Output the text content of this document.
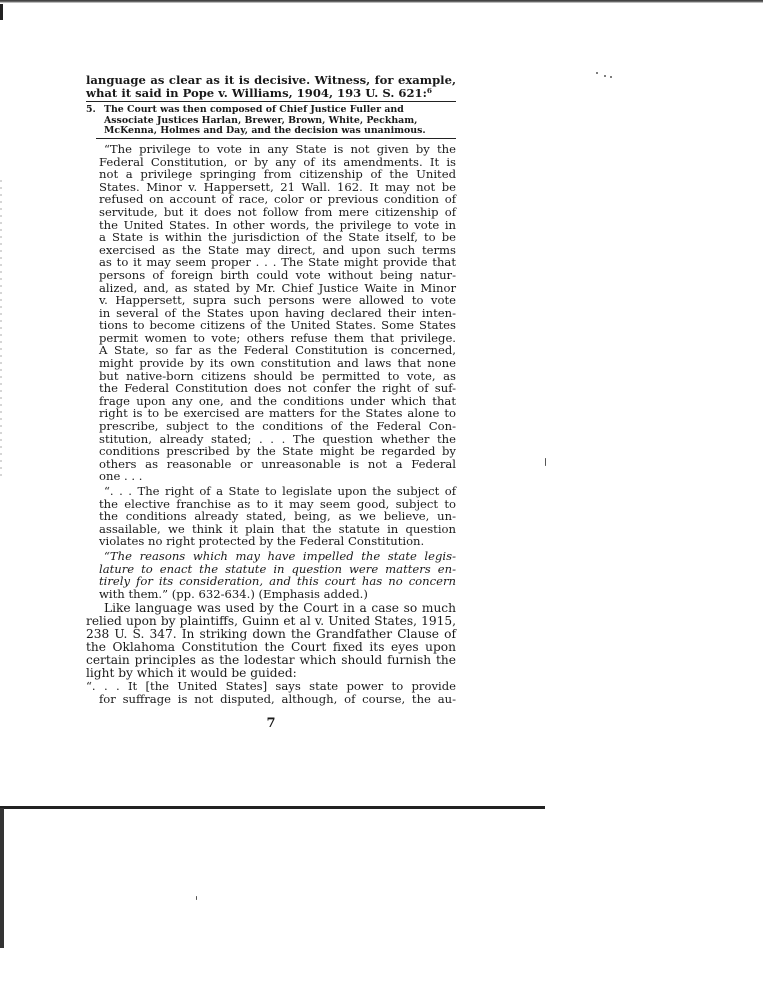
language as clear as it is decisive. Witness, for example,
what it said in Pope v. Williams, 1904, 193 U. S. 621:⁶
5. The Court was then composed of Chief Justice Fuller and
Associate Justices Harlan, Brewer, Brown, White, Peckham,
McKenna, Holmes and Day, and the decision was unanimous.
“The privilege to vote in any State is not given by the
Federal Constitution, or by any of its amendments. It is
not a privilege springing from citizenship of the United
States. Minor v. Happersett, 21 Wall. 162. It may not be
refused on account of race, color or previous condition of
servitude, but it does not follow from mere citizenship of
the United States. In other words, the privilege to vote in
a State is within the jurisdiction of the State itself, to be
exercised as the State may direct, and upon such terms
as to it may seem proper . . . The State might provide that
persons of foreign birth could vote without being natur-
alized, and, as stated by Mr. Chief Justice Waite in Minor
v. Happersett, supra such persons were allowed to vote
in several of the States upon having declared their inten-
tions to become citizens of the United States. Some States
permit women to vote; others refuse them that privilege.
A State, so far as the Federal Constitution is concerned,
might provide by its own constitution and laws that none
but native-born citizens should be permitted to vote, as
the Federal Constitution does not confer the right of suf-
frage upon any one, and the conditions under which that
right is to be exercised are matters for the States alone to
prescribe, subject to the conditions of the Federal Con-
stitution, already stated; . . . The question whether the
conditions prescribed by the State might be regarded by
others as reasonable or unreasonable is not a Federal
one . . .
“. . . The right of a State to legislate upon the subject of
the elective franchise as to it may seem good, subject to
the conditions already stated, being, as we believe, un-
assailable, we think it plain that the statute in question
violates no right protected by the Federal Constitution.
“The reasons which may have impelled the state legis-
lature to enact the statute in question were matters en-
tirely for its consideration, and this court has no concern
with them.” (pp. 632-634.) (Emphasis added.)
Like language was used by the Court in a case so much
relied upon by plaintiffs, Guinn et al v. United States, 1915,
238 U. S. 347. In striking down the Grandfather Clause of
the Oklahoma Constitution the Court fixed its eyes upon
certain principles as the lodestar which should furnish the
light by which it would be guided:
“. . . It [the United States] says state power to provide
for suffrage is not disputed, although, of course, the au-
7
